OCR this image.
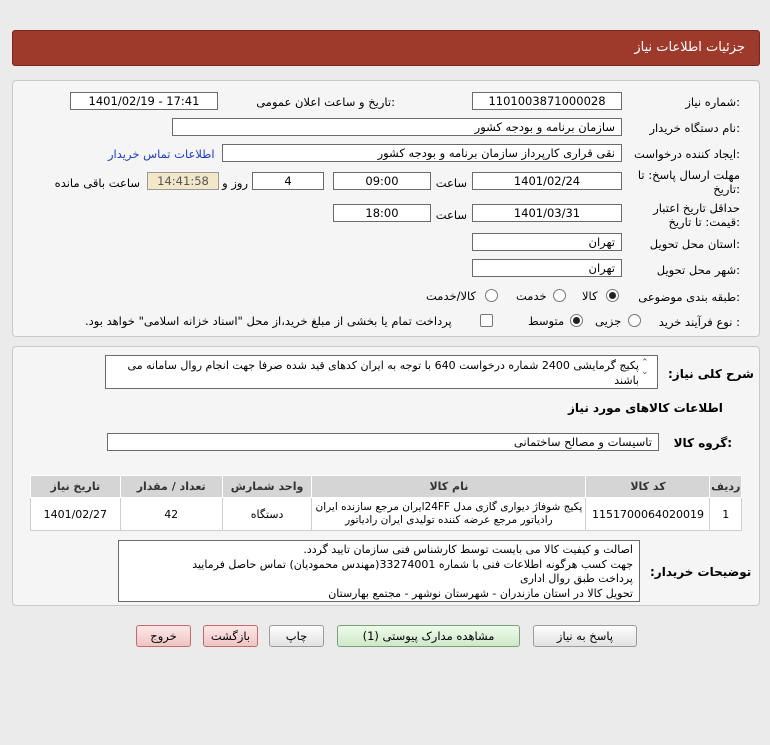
جزئیات اطلاعات نیاز
شماره نیاز:
1101003871000028
تاریخ و ساعت اعلان عمومی:
1401/02/19 - 17:41
نام دستگاه خریدار:
سازمان برنامه و بودجه کشور
ایجاد کننده درخواست:
نقی قراری کارپرداز سازمان برنامه و بودجه کشور
اطلاعات تماس خریدار
مهلت ارسال پاسخ: تا
تاریخ:
1401/02/24
ساعت
09:00
4
روز و
14:41:58
ساعت باقی مانده
حداقل تاریخ اعتبار
قیمت: تا تاریخ:
1401/03/31
ساعت
18:00
استان محل تحویل:
تهران
شهر محل تحویل:
تهران
طبقه بندی موضوعی:
کالا
خدمت
کالا/خدمت
نوع فرآیند خرید :
جزیی
متوسط
پرداخت تمام یا بخشی از مبلغ خرید،از محل "اسناد خزانه اسلامی" خواهد بود.
شرح کلی نیاز:
پکیج گرمایشی 2400 شماره درخواست 640 با توجه به ایران کدهای قید شده صرفا جهت انجام روال سامانه می باشند
⌃
⌄
اطلاعات کالاهای مورد نیاز
گروه کالا:
تاسیسات و مصالح ساختمانی
تاریخ نیاز	تعداد / مقدار	واحد شمارش	نام کالا	کد کالا	ردیف
1401/02/27	42	دستگاه	پکیج شوفاژ دیواری گازی مدل 24FFایران مرجع سازنده ایران رادیاتور مرجع عرضه کننده تولیدی ایران رادیاتور	1151700064020019	1
توضیحات خریدار:
اصالت و کیفیت کالا می بایست توسط کارشناس فنی سازمان تایید گردد.
جهت کسب هرگونه اطلاعات فنی با شماره 33274001(مهندس محمودیان) تماس حاصل فرمایید
پرداخت طبق روال اداری
تحویل کالا در استان مازندران - شهرستان نوشهر - مجتمع بهارستان
پاسخ به نیاز
مشاهده مدارک پیوستی (1)
چاپ
بازگشت
خروج
